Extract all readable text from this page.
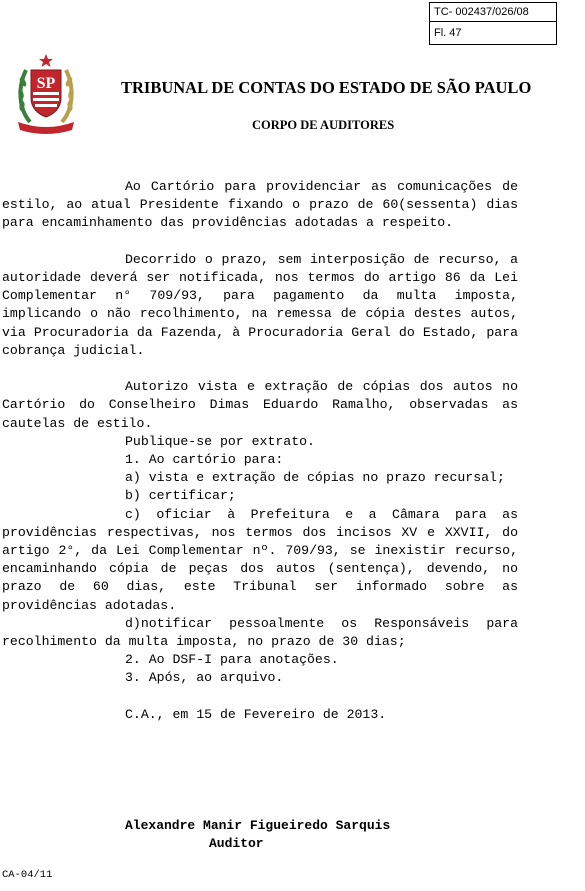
TC- 002437/026/08
Fl. 47
SP	TRIBUNAL DE CONTAS DO ESTADO DE SÃO PAULO
CORPO DE AUDITORES

Ao Cartório para providenciar as comunicações de estilo, ao atual Presidente fixando o prazo de 60(sessenta) dias para encaminhamento das providências adotadas a respeito.

Decorrido o prazo, sem interposição de recurso, a autoridade deverá ser notificada, nos termos do artigo 86 da Lei Complementar n° 709/93, para pagamento da multa imposta, implicando o não recolhimento, na remessa de cópia destes autos, via Procuradoria da Fazenda, à Procuradoria Geral do Estado, para cobrança judicial.

Autorizo vista e extração de cópias dos autos no Cartório do Conselheiro Dimas Eduardo Ramalho, observadas as cautelas de estilo.

Publique-se por extrato.

1. Ao cartório para:

a) vista e extração de cópias no prazo recursal;

b) certificar;

c) oficiar à Prefeitura e a Câmara para as providências respectivas, nos termos dos incisos XV e XXVII, do artigo 2°, da Lei Complementar nº. 709/93, se inexistir recurso, encaminhando cópia de peças dos autos (sentença), devendo, no prazo de 60 dias, este Tribunal ser informado sobre as providências adotadas.

d)notificar pessoalmente os Responsáveis para recolhimento da multa imposta, no prazo de 30 dias;

2. Ao DSF-I para anotações.

3. Após, ao arquivo.

C.A., em 15 de Fevereiro de 2013.

Alexandre Manir Figueiredo Sarquis
Auditor
CA-04/11
